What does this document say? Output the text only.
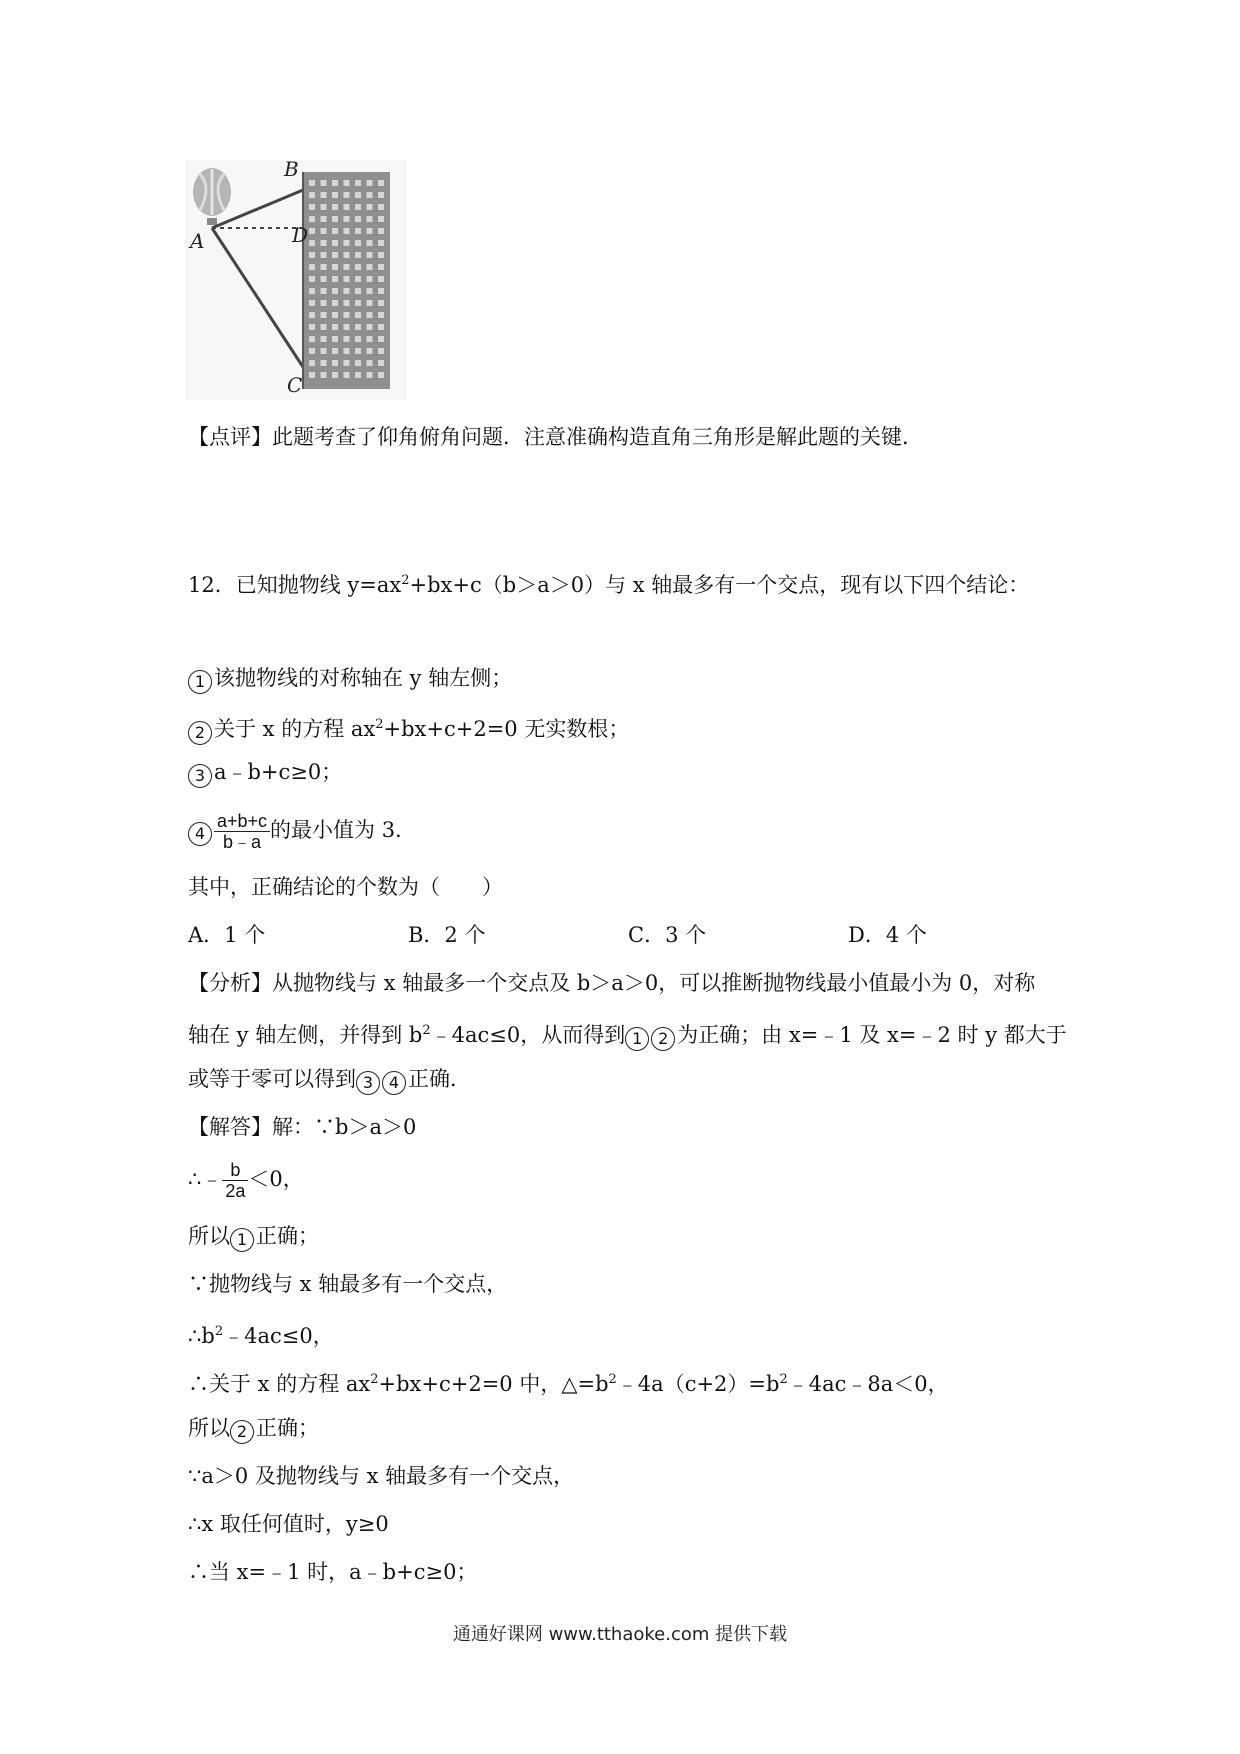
B
A	D
C
【点评】此题考查了仰角俯角问题．注意准确构造直角三角形是解此题的关键．
12．已知抛物线 $y=ax^2+bx+c(b>a>0)$与 x 轴最多有一个交点，现有以下四个结论：
1 该抛物线的对称轴在 y 轴左侧；
2 关于 x 的方程 $ax^2+bx+c+2=0$ 无实数根；
3 a﹣b+c≥0；
$4 \frac{a+b+c}{b﹣a}$ 的最小值为 3．
其中，正确结论的个数为（　　）
A．1 个	B．2 个	C．3 个	D．4 个
【分析】从抛物线与 x 轴最多一个交点及 b＞a＞0，可以推断抛物线最小值最小为 0，对称
轴在 y 轴左侧，并得到 $b^2﹣4ac\le 0$，从而得到 1 2 为正确；由 x=﹣1 及 x=﹣2 时 y 都大于
或等于零可以得到 3 4 正确．
【解答】解：∵b＞a＞0
∴﹣ $\frac{b}{2a} <0$，
所以 1 正确；
∵抛物线与 x 轴最多有一个交点，
$\therefore b^2﹣4ac\le 0$，
∴关于 x 的方程 $ax^2+bx+c+2=0$ 中，$\triangle=b^2﹣4a(c+2)=b^2﹣4ac﹣8a<0$，
所以 2 正确；
∵a＞0 及抛物线与 x 轴最多有一个交点，
∴x 取任何值时，y≥0
∴当 x=﹣1 时，a﹣b+c≥0；
通通好课网 www.tthaoke.com 提供下载
